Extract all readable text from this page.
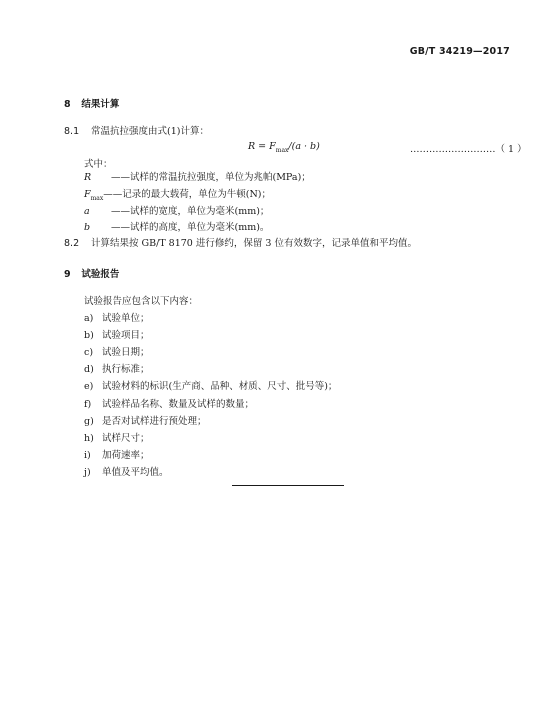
GB/T 34219—2017
8 结果计算
8.1 常温抗拉强度由式(1)计算：
$R = F_{max}/(a \cdot b)$	………………………（ 1 ）
式中：
R ——试样的常温抗拉强度，单位为兆帕(MPa)；
$F_{max}——$记录的最大载荷，单位为牛顿(N)；
a ——试样的宽度，单位为毫米(mm)；
b ——试样的高度，单位为毫米(mm)。
8.2 计算结果按 GB/T 8170 进行修约，保留 3 位有效数字，记录单值和平均值。
9 试验报告
试验报告应包含以下内容：
a) 试验单位；
b) 试验项目；
c) 试验日期；
d) 执行标准；
e) 试验材料的标识(生产商、品种、材质、尺寸、批号等)；
f) 试验样品名称、数量及试样的数量；
g) 是否对试样进行预处理；
h) 试样尺寸；
i) 加荷速率；
j) 单值及平均值。
